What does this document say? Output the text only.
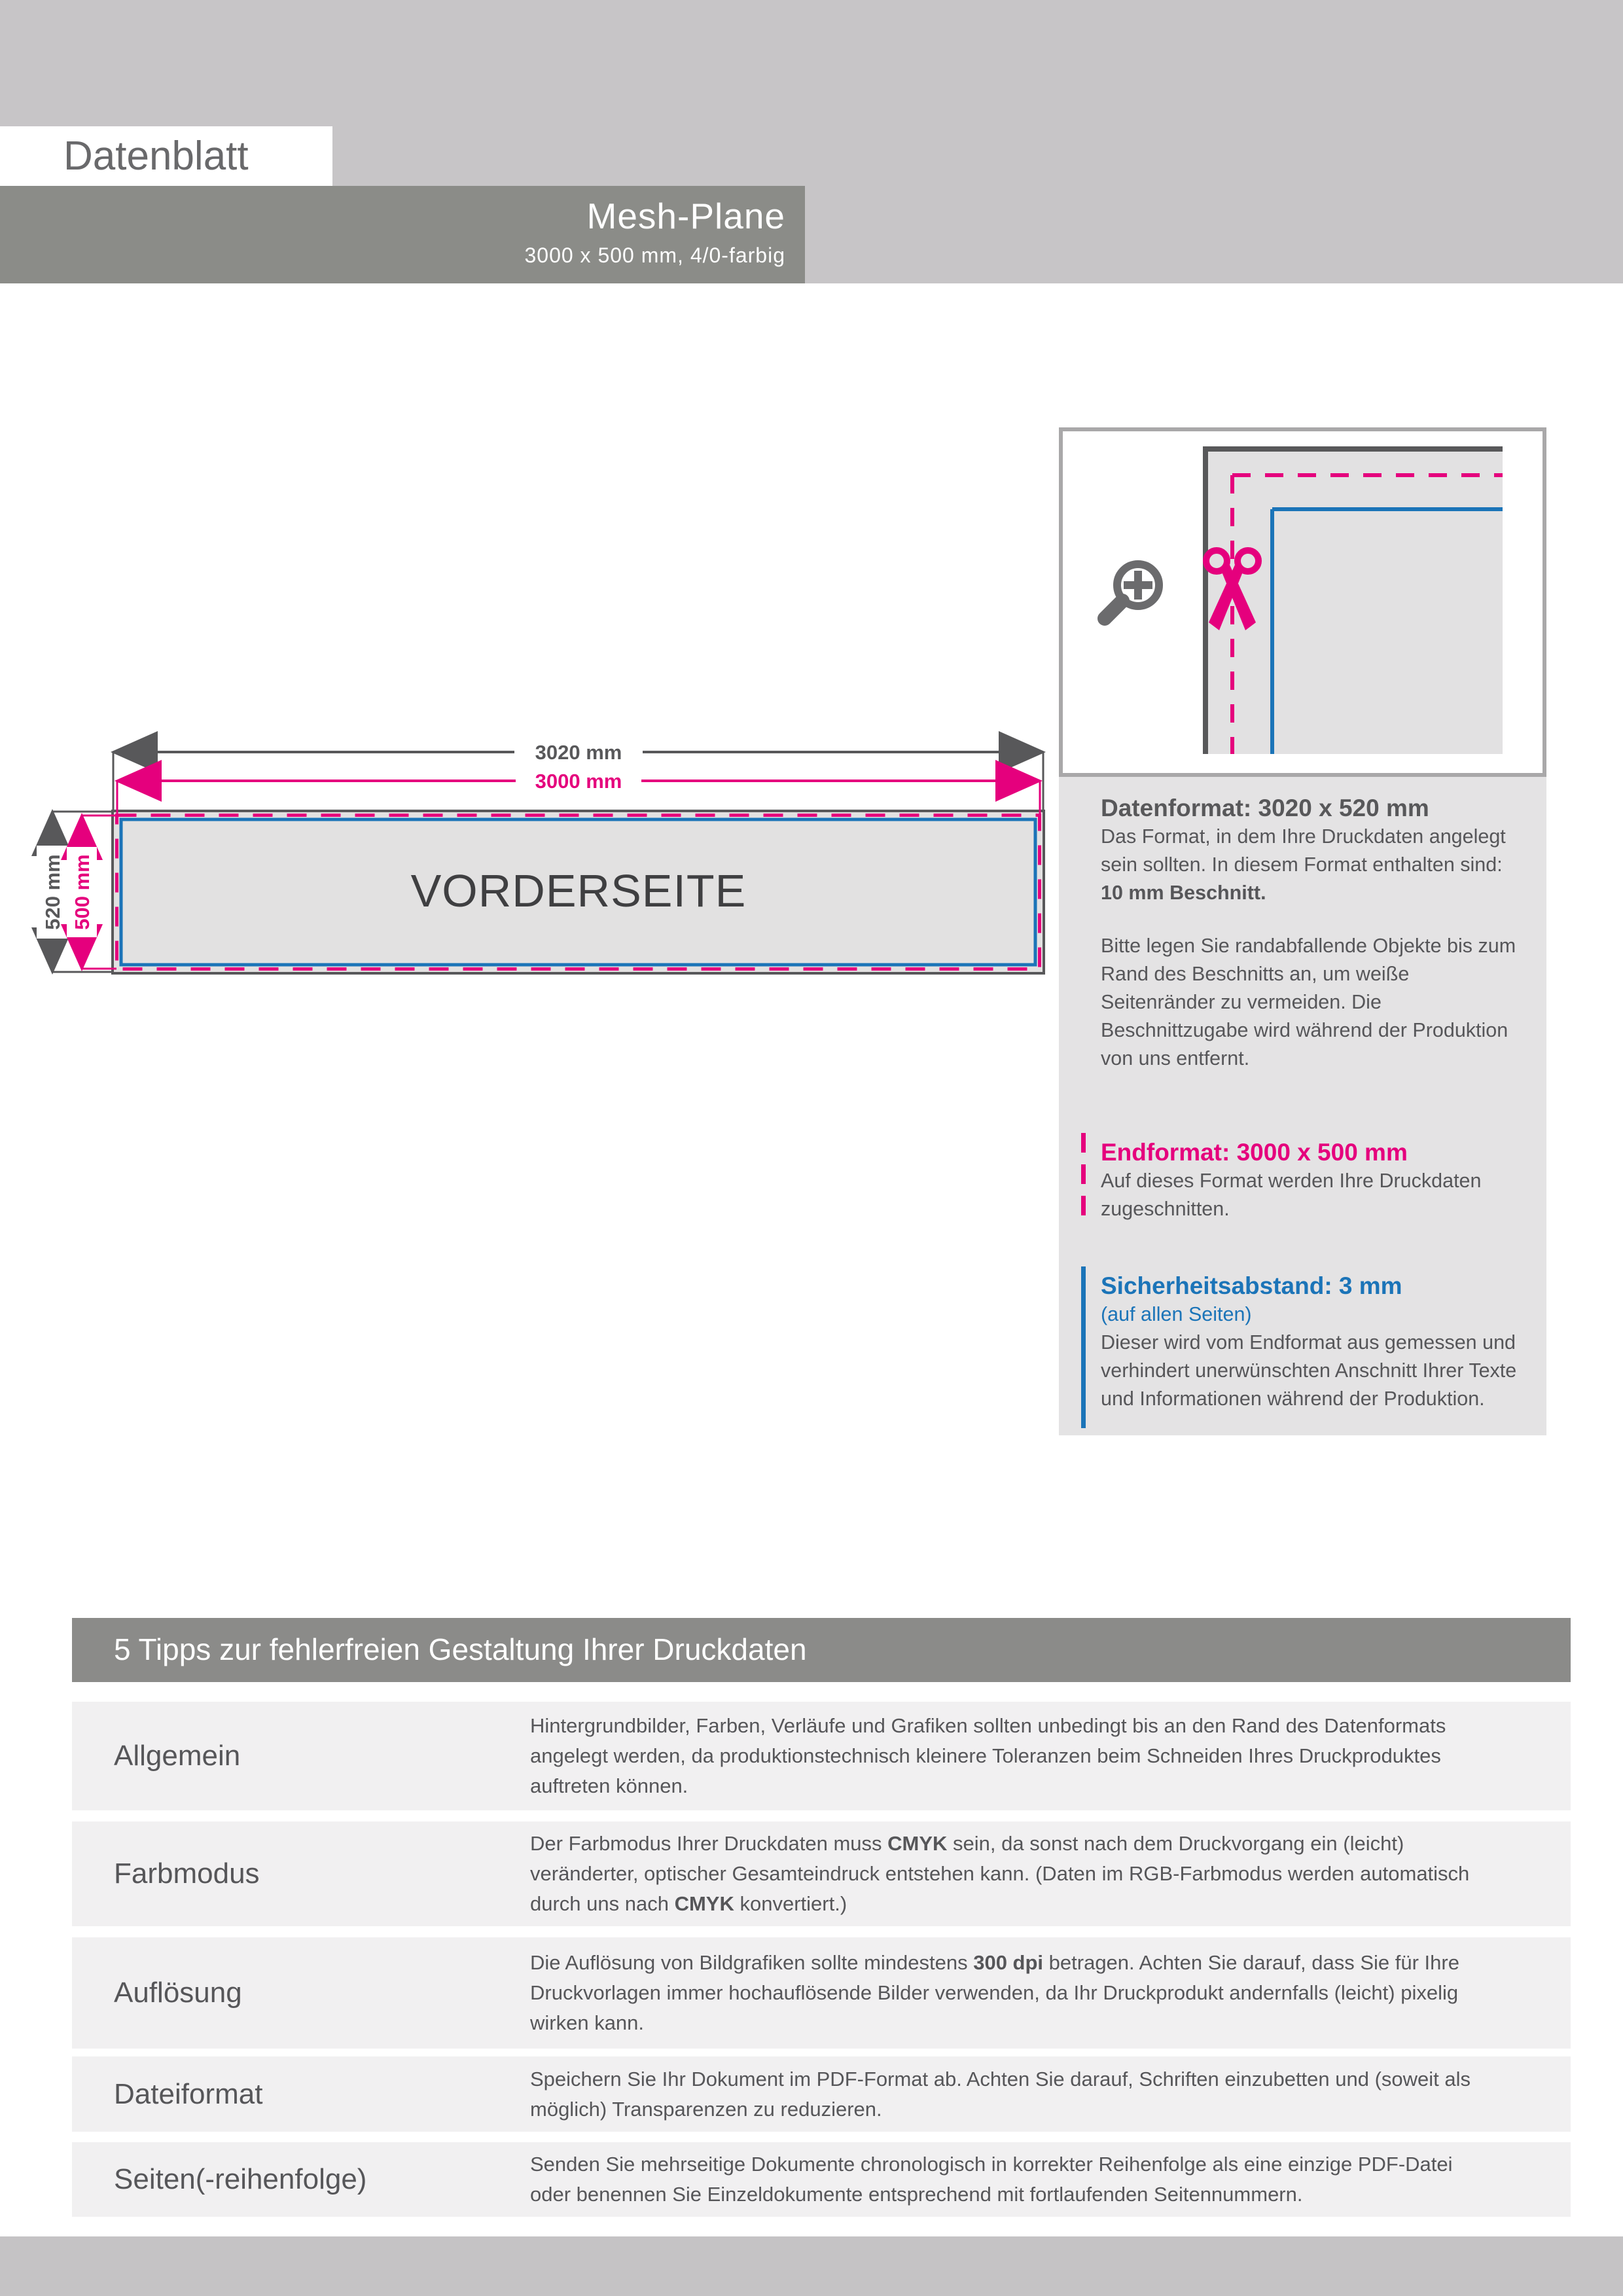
Mesh-Plane
3000 x 500 mm, 4/0-farbig
Datenblatt
VORDERSEITE
3020 mm
3000 mm
520 mm 500 mm
Datenformat: 3020 x 520 mm

Das Format, in dem Ihre Druckdaten angelegt sein sollten. In diesem Format enthalten sind: 10 mm Beschnitt.

Bitte legen Sie randabfallende Objekte bis zum Rand des Beschnitts an, um weiße Seitenränder zu vermeiden. Die Beschnittzugabe wird während der Produktion von uns entfernt.

Endformat: 3000 x 500 mm

Auf dieses Format werden Ihre Druckdaten zugeschnitten.

Sicherheitsabstand: 3 mm

(auf allen Seiten)

Dieser wird vom Endformat aus gemessen und verhindert unerwünschten Anschnitt Ihrer Texte und Informationen während der Produktion.

5 Tipps zur fehlerfreien Gestaltung Ihrer Druckdaten
Allgemein
Hintergrundbilder, Farben, Verläufe und Grafiken sollten unbedingt bis an den Rand des Datenformats angelegt werden, da produktionstechnisch kleinere Toleranzen beim Schneiden Ihres Druckproduktes auftreten können.
Farbmodus
Der Farbmodus Ihrer Druckdaten muss CMYK sein, da sonst nach dem Druckvorgang ein (leicht) veränderter, optischer Gesamteindruck entstehen kann. (Daten im RGB-Farbmodus werden automatisch durch uns nach CMYK konvertiert.)
Auflösung
Die Auflösung von Bildgrafiken sollte mindestens 300 dpi betragen. Achten Sie darauf, dass Sie für Ihre Druckvorlagen immer hochauflösende Bilder verwenden, da Ihr Druckprodukt andernfalls (leicht) pixelig wirken kann.
Dateiformat	Speichern Sie Ihr Dokument im PDF-Format ab. Achten Sie darauf, Schriften einzubetten und (soweit als möglich) Transparenzen zu reduzieren.
Seiten(-reihenfolge)	Senden Sie mehrseitige Dokumente chronologisch in korrekter Reihenfolge als eine einzige PDF-Datei oder benennen Sie Einzeldokumente entsprechend mit fortlaufenden Seitennummern.
